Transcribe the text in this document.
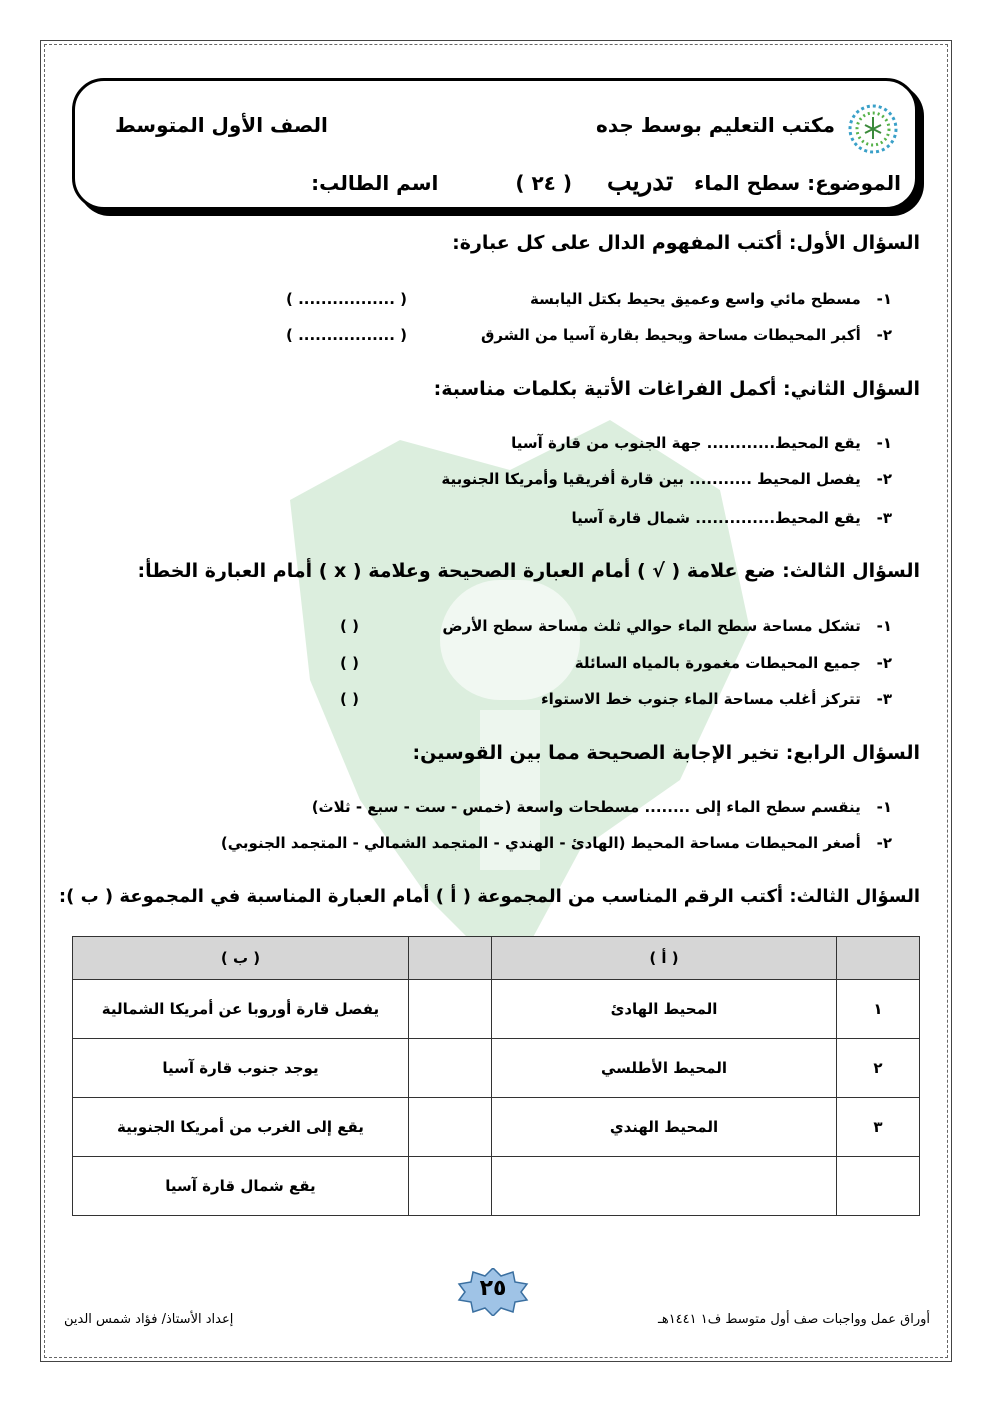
مكتب التعليم بوسط جده
الصف الأول المتوسط
الموضوع: سطح الماء تدريب ( ٢٤ ) اسم الطالب:
السؤال الأول: أكتب المفهوم الدال على كل عبارة:
١- مسطح مائي واسع وعميق يحيط بكتل اليابسة
( ................. )
٢- أكبر المحيطات مساحة ويحيط بقارة آسيا من الشرق
( ................. )
السؤال الثاني: أكمل الفراغات الأتية بكلمات مناسبة:
١- يقع المحيط............ جهة الجنوب من قارة آسيا
٢- يفصل المحيط ........... بين قارة أفريقيا وأمريكا الجنوبية
٣- يقع المحيط.............. شمال قارة آسيا
السؤال الثالث: ضع علامة ( √ ) أمام العبارة الصحيحة وعلامة ( x ) أمام العبارة الخطأ:
١- تشكل مساحة سطح الماء حوالي ثلث مساحة سطح الأرض
( )
٢- جميع المحيطات مغمورة بالمياه السائلة
( )
٣- تتركز أغلب مساحة الماء جنوب خط الاستواء
( )
السؤال الرابع: تخير الإجابة الصحيحة مما بين القوسين:
١- ينقسم سطح الماء إلى ........ مسطحات واسعة (خمس - ست - سبع - ثلاث)
٢- أصغر المحيطات مساحة المحيط (الهادئ - الهندي - المتجمد الشمالي - المتجمد الجنوبي)
السؤال الثالث: أكتب الرقم المناسب من المجموعة ( أ ) أمام العبارة المناسبة في المجموعة ( ب ):
	( أ )		( ب )
١	المحيط الهادئ		يفصل قارة أوروبا عن أمريكا الشمالية
٢	المحيط الأطلسي		يوجد جنوب قارة آسيا
٣	المحيط الهندي		يقع إلى الغرب من أمريكا الجنوبية
			يقع شمال قارة آسيا
٢٥
أوراق عمل وواجبات صف أول متوسط ف١ ١٤٤١هـ
إعداد الأستاذ/ فؤاد شمس الدين
